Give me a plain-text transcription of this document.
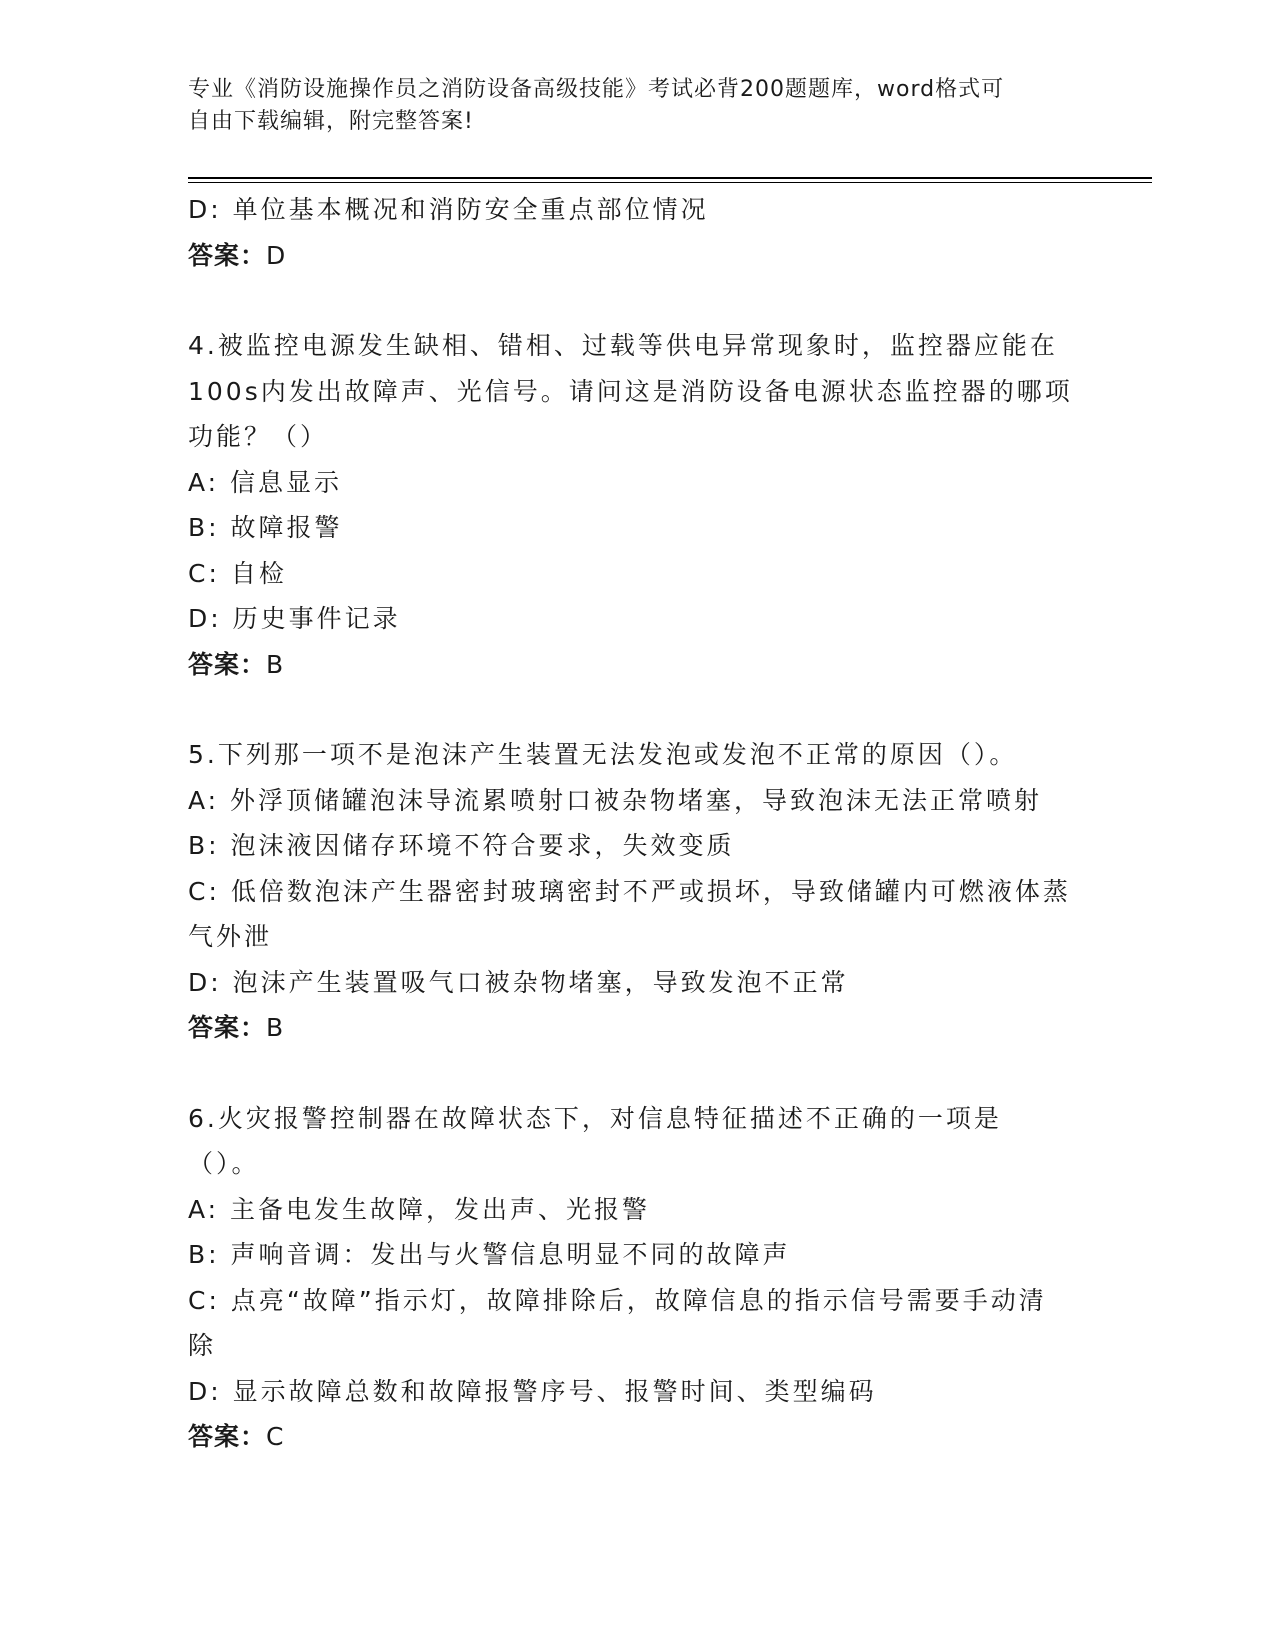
专业《消防设施操作员之消防设备高级技能》考试必背200题题库，word格式可
自由下载编辑，附完整答案!
D: 单位基本概况和消防安全重点部位情况
答案：D
4.被监控电源发生缺相、错相、过载等供电异常现象时，监控器应能在100s内发出故障声、光信号。请问这是消防设备电源状态监控器的哪项功能？（）
A: 信息显示
B: 故障报警
C: 自检
D: 历史事件记录
答案：B
5.下列那一项不是泡沫产生装置无法发泡或发泡不正常的原因（）。
A: 外浮顶储罐泡沫导流累喷射口被杂物堵塞，导致泡沫无法正常喷射
B: 泡沫液因储存环境不符合要求，失效变质
C: 低倍数泡沫产生器密封玻璃密封不严或损坏，导致储罐内可燃液体蒸气外泄
D: 泡沫产生装置吸气口被杂物堵塞，导致发泡不正常
答案：B
6.火灾报警控制器在故障状态下，对信息特征描述不正确的一项是（）。
A: 主备电发生故障，发出声、光报警
B: 声响音调：发出与火警信息明显不同的故障声
C: 点亮“故障”指示灯，故障排除后，故障信息的指示信号需要手动清除
D: 显示故障总数和故障报警序号、报警时间、类型编码
答案：C
